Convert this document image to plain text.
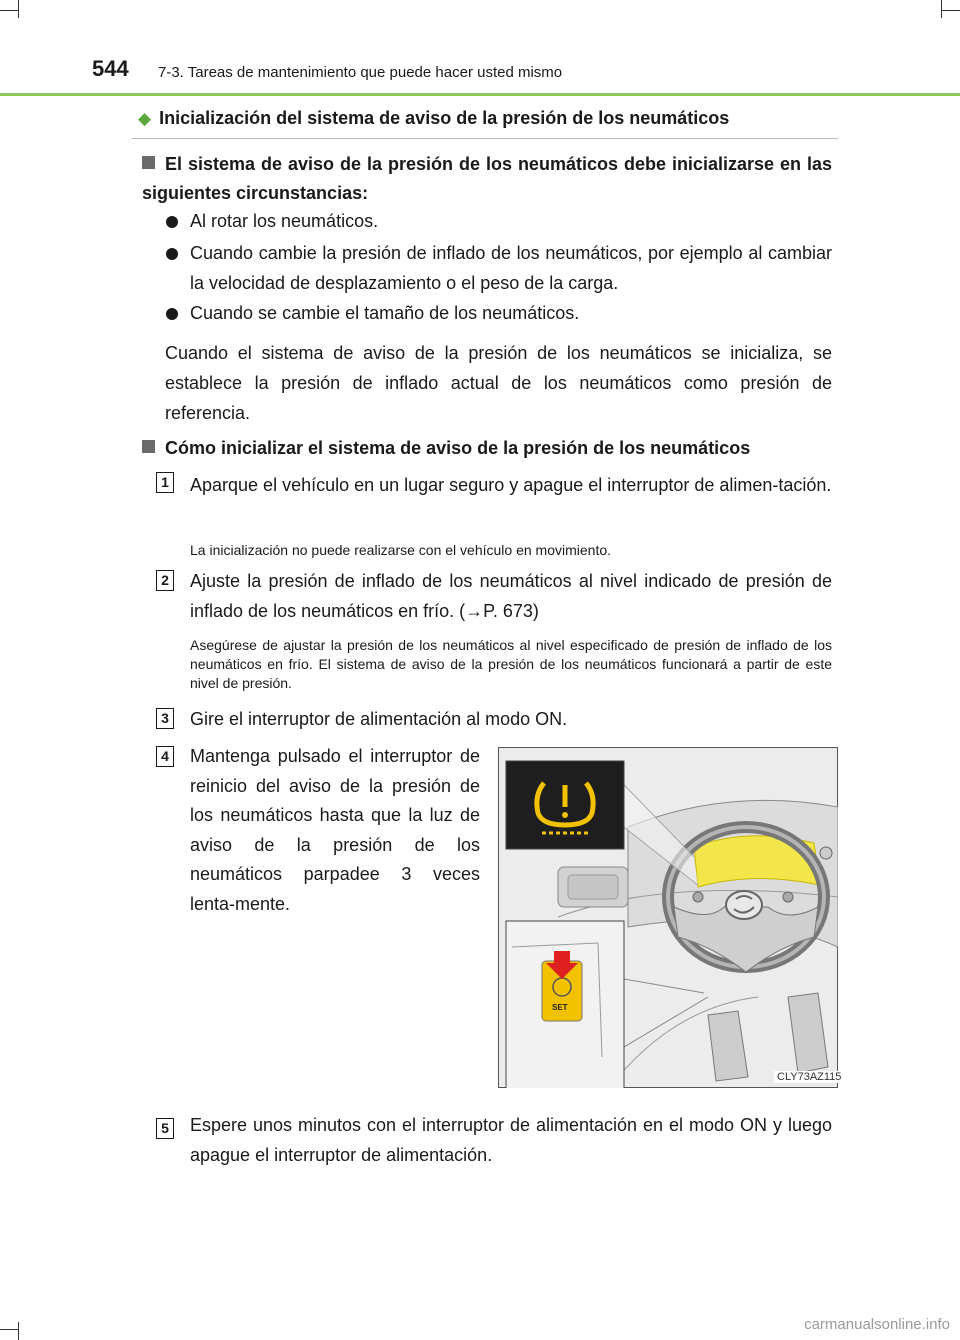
544 7-3. Tareas de mantenimiento que puede hacer usted mismo
◆ Inicialización del sistema de aviso de la presión de los neumáticos
El sistema de aviso de la presión de los neumáticos debe inicializarse en las siguientes circunstancias:
Al rotar los neumáticos.
Cuando cambie la presión de inflado de los neumáticos, por ejemplo al cambiar la velocidad de desplazamiento o el peso de la carga.
Cuando se cambie el tamaño de los neumáticos.
Cuando el sistema de aviso de la presión de los neumáticos se inicializa, se establece la presión de inflado actual de los neumáticos como presión de referencia.
Cómo inicializar el sistema de aviso de la presión de los neumáticos
1 Aparque el vehículo en un lugar seguro y apague el interruptor de alimen-tación.
La inicialización no puede realizarse con el vehículo en movimiento.
2 Ajuste la presión de inflado de los neumáticos al nivel indicado de presión de inflado de los neumáticos en frío. (→P. 673)
Asegúrese de ajustar la presión de los neumáticos al nivel especificado de presión de inflado de los neumáticos en frío. El sistema de aviso de la presión de los neumáticos funcionará a partir de este nivel de presión.
3 Gire el interruptor de alimentación al modo ON.
4 Mantenga pulsado el interruptor de reinicio del aviso de la presión de los neumáticos hasta que la luz de aviso de la presión de los neumáticos parpadee 3 veces lenta-mente.
SET
CLY73AZ115
5 Espere unos minutos con el interruptor de alimentación en el modo ON y luego apague el interruptor de alimentación.
carmanualsonline.info
